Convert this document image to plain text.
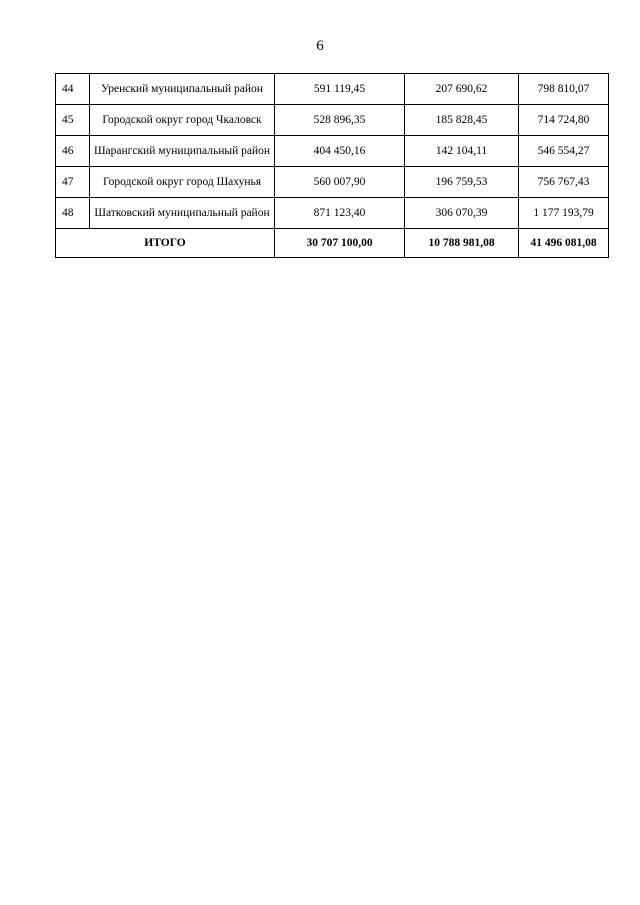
6
44	Уренский муниципальный район	591 119,45	207 690,62	798 810,07
45	Городской округ город Чкаловск	528 896,35	185 828,45	714 724,80
46	Шарангский муниципальный район	404 450,16	142 104,11	546 554,27
47	Городской округ город Шахунья	560 007,90	196 759,53	756 767,43
48	Шатковский муниципальный район	871 123,40	306 070,39	1 177 193,79
ИТОГО		30 707 100,00	10 788 981,08	41 496 081,08
